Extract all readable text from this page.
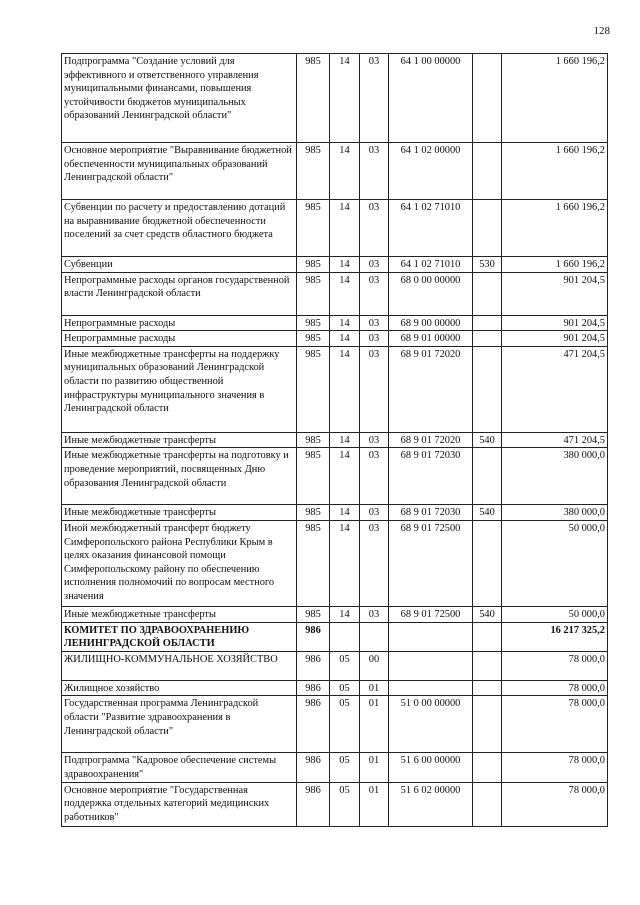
128
Подпрограмма "Создание условий для эффективного и ответственного управления муниципальными финансами, повышения устойчивости бюджетов муниципальных образований Ленинградской области"	985	14	03	64 1 00 00000		1 660 196,2
Основное мероприятие "Выравнивание бюджетной обеспеченности муниципальных образований Ленинградской области"	985	14	03	64 1 02 00000		1 660 196,2
Субвенции по расчету и предоставлению дотаций на выравнивание бюджетной обеспеченности поселений за счет средств областного бюджета	985	14	03	64 1 02 71010		1 660 196,2
Субвенции	985	14	03	64 1 02 71010	530	1 660 196,2
Непрограммные расходы органов государственной власти Ленинградской области	985	14	03	68 0 00 00000		901 204,5
Непрограммные расходы	985	14	03	68 9 00 00000		901 204,5
Непрограммные расходы	985	14	03	68 9 01 00000		901 204,5
Иные межбюджетные трансферты на поддержку муниципальных образований Ленинградской области по развитию общественной инфраструктуры муниципального значения в Ленинградской области	985	14	03	68 9 01 72020		471 204,5
Иные межбюджетные трансферты	985	14	03	68 9 01 72020	540	471 204,5
Иные межбюджетные трансферты на подготовку и проведение мероприятий, посвященных Дню образования Ленинградской области	985	14	03	68 9 01 72030		380 000,0
Иные межбюджетные трансферты	985	14	03	68 9 01 72030	540	380 000,0
Иной межбюджетный трансферт бюджету Симферопольского района Республики Крым в целях оказания финансовой помощи Симферопольскому району по обеспечению исполнения полномочий по вопросам местного значения	985	14	03	68 9 01 72500		50 000,0
Иные межбюджетные трансферты	985	14	03	68 9 01 72500	540	50 000,0
КОМИТЕТ ПО ЗДРАВООХРАНЕНИЮ ЛЕНИНГРАДСКОЙ ОБЛАСТИ	986					16 217 325,2
ЖИЛИЩНО-КОММУНАЛЬНОЕ ХОЗЯЙСТВО	986	05	00			78 000,0
Жилищное хозяйство	986	05	01			78 000,0
Государственная программа Ленинградской области "Развитие здравоохранения в Ленинградской области"	986	05	01	51 0 00 00000		78 000,0
Подпрограмма "Кадровое обеспечение системы здравоохранения"	986	05	01	51 6 00 00000		78 000,0
Основное мероприятие "Государственная поддержка отдельных категорий медицинских работников"	986	05	01	51 6 02 00000		78 000,0
